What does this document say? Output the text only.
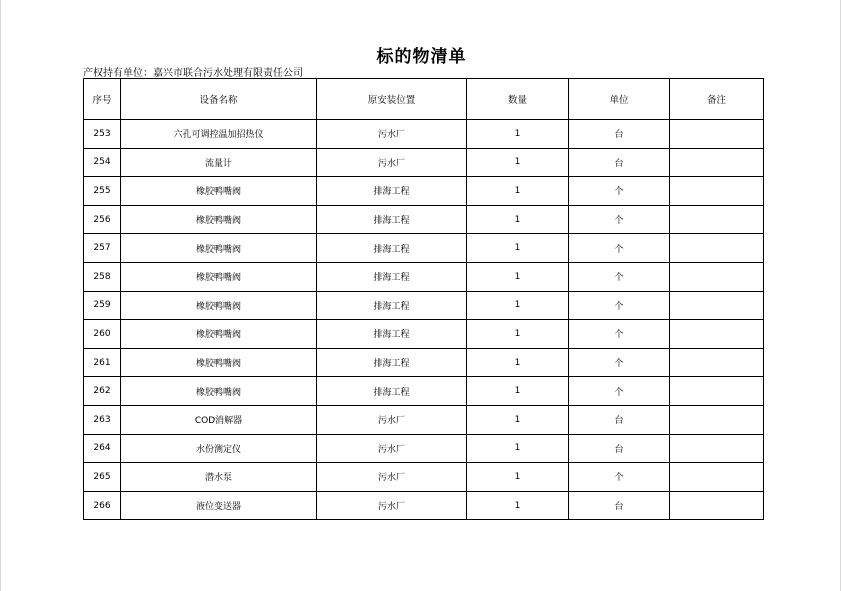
标的物清单
产权持有单位：嘉兴市联合污水处理有限责任公司
序号	设备名称	原安装位置	数量	单位	备注
253	六孔可调控温加招热仪	污水厂	1	台	
254	流量计	污水厂	1	台	
255	橡胶鸭嘴阀	排海工程	1	个	
256	橡胶鸭嘴阀	排海工程	1	个	
257	橡胶鸭嘴阀	排海工程	1	个	
258	橡胶鸭嘴阀	排海工程	1	个	
259	橡胶鸭嘴阀	排海工程	1	个	
260	橡胶鸭嘴阀	排海工程	1	个	
261	橡胶鸭嘴阀	排海工程	1	个	
262	橡胶鸭嘴阀	排海工程	1	个	
263	COD消解器	污水厂	1	台	
264	水份测定仪	污水厂	1	台	
265	潜水泵	污水厂	1	个	
266	液位变送器	污水厂	1	台	
